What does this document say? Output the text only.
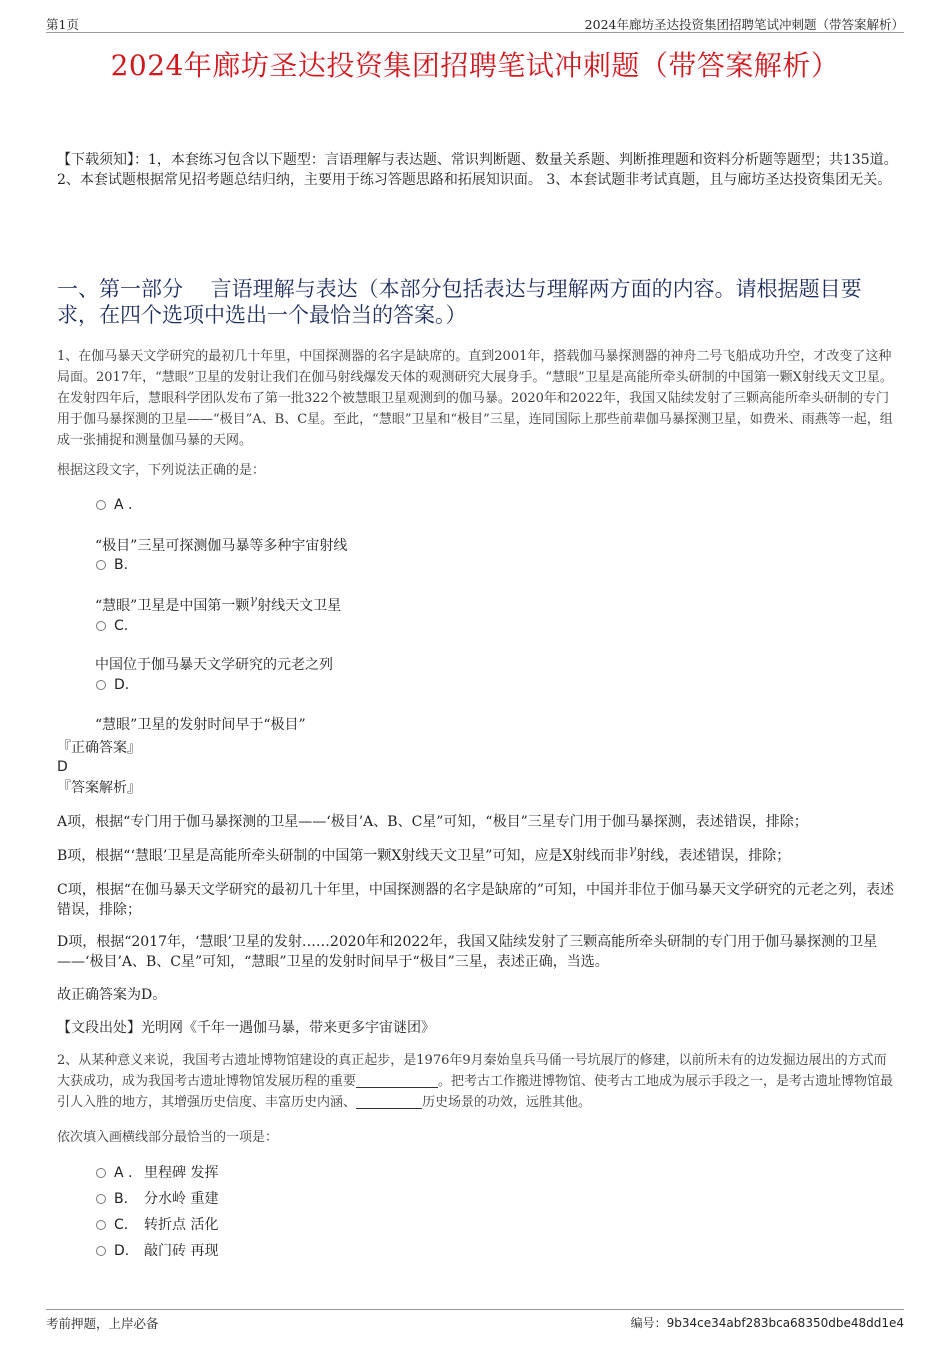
第1页	2024年廊坊圣达投资集团招聘笔试冲刺题（带答案解析）
2024年廊坊圣达投资集团招聘笔试冲刺题（带答案解析）
【下载须知】：1，本套练习包含以下题型：言语理解与表达题、常识判断题、数量关系题、判断推理题和资料分析题等题型；共135道。 2、本套试题根据常见招考题总结归纳，主要用于练习答题思路和拓展知识面。 3、本套试题非考试真题，且与廊坊圣达投资集团无关。
一、第一部分　 言语理解与表达（本部分包括表达与理解两方面的内容。请根据题目要求，在四个选项中选出一个最恰当的答案。）
1、在伽马暴天文学研究的最初几十年里，中国探测器的名字是缺席的。直到2001年，搭载伽马暴探测器的神舟二号飞船成功升空，才改变了这种局面。2017年，“慧眼”卫星的发射让我们在伽马射线爆发天体的观测研究大展身手。“慧眼”卫星是高能所牵头研制的中国第一颗X射线天文卫星。在发射四年后，慧眼科学团队发布了第一批322个被慧眼卫星观测到的伽马暴。2020年和2022年，我国又陆续发射了三颗高能所牵头研制的专门用于伽马暴探测的卫星——“极目”A、B、C星。至此，“慧眼”卫星和“极目”三星，连同国际上那些前辈伽马暴探测卫星，如费米、雨燕等一起，组成一张捕捉和测量伽马暴的天网。
根据这段文字，下列说法正确的是：
A .
“极目”三星可探测伽马暴等多种宇宙射线
B.
“慧眼”卫星是中国第一颗γ射线天文卫星
C.
中国位于伽马暴天文学研究的元老之列
D.
“慧眼”卫星的发射时间早于“极目”
『正确答案』
D
『答案解析』
A项，根据“专门用于伽马暴探测的卫星——‘极目’A、B、C星”可知，“极目”三星专门用于伽马暴探测，表述错误，排除；
B项，根据“‘慧眼’卫星是高能所牵头研制的中国第一颗X射线天文卫星”可知，应是X射线而非γ射线，表述错误，排除；
C项，根据“在伽马暴天文学研究的最初几十年里，中国探测器的名字是缺席的”可知，中国并非位于伽马暴天文学研究的元老之列，表述错误，排除；
D项，根据“2017年，‘慧眼’卫星的发射……2020年和2022年，我国又陆续发射了三颗高能所牵头研制的专门用于伽马暴探测的卫星——‘极目’A、B、C星”可知，“慧眼”卫星的发射时间早于“极目”三星，表述正确，当选。
故正确答案为D。
【文段出处】光明网《千年一遇伽马暴，带来更多宇宙谜团》
2、从某种意义来说，我国考古遗址博物馆建设的真正起步，是1976年9月秦始皇兵马俑一号坑展厅的修建，以前所未有的边发掘边展出的方式而大获成功，成为我国考古遗址博物馆发展历程的重要	。把考古工作搬进博物馆、使考古工地成为展示手段之一，是考古遗址博物馆最引人入胜的地方，其增强历史信度、丰富历史内涵、	历史场景的功效，远胜其他。
依次填入画横线部分最恰当的一项是：
A . 里程碑 发挥
B. 分水岭 重建
C. 转折点 活化
D. 敲门砖 再现
考前押题，上岸必备	编号：9b34ce34abf283bca68350dbe48dd1e4
